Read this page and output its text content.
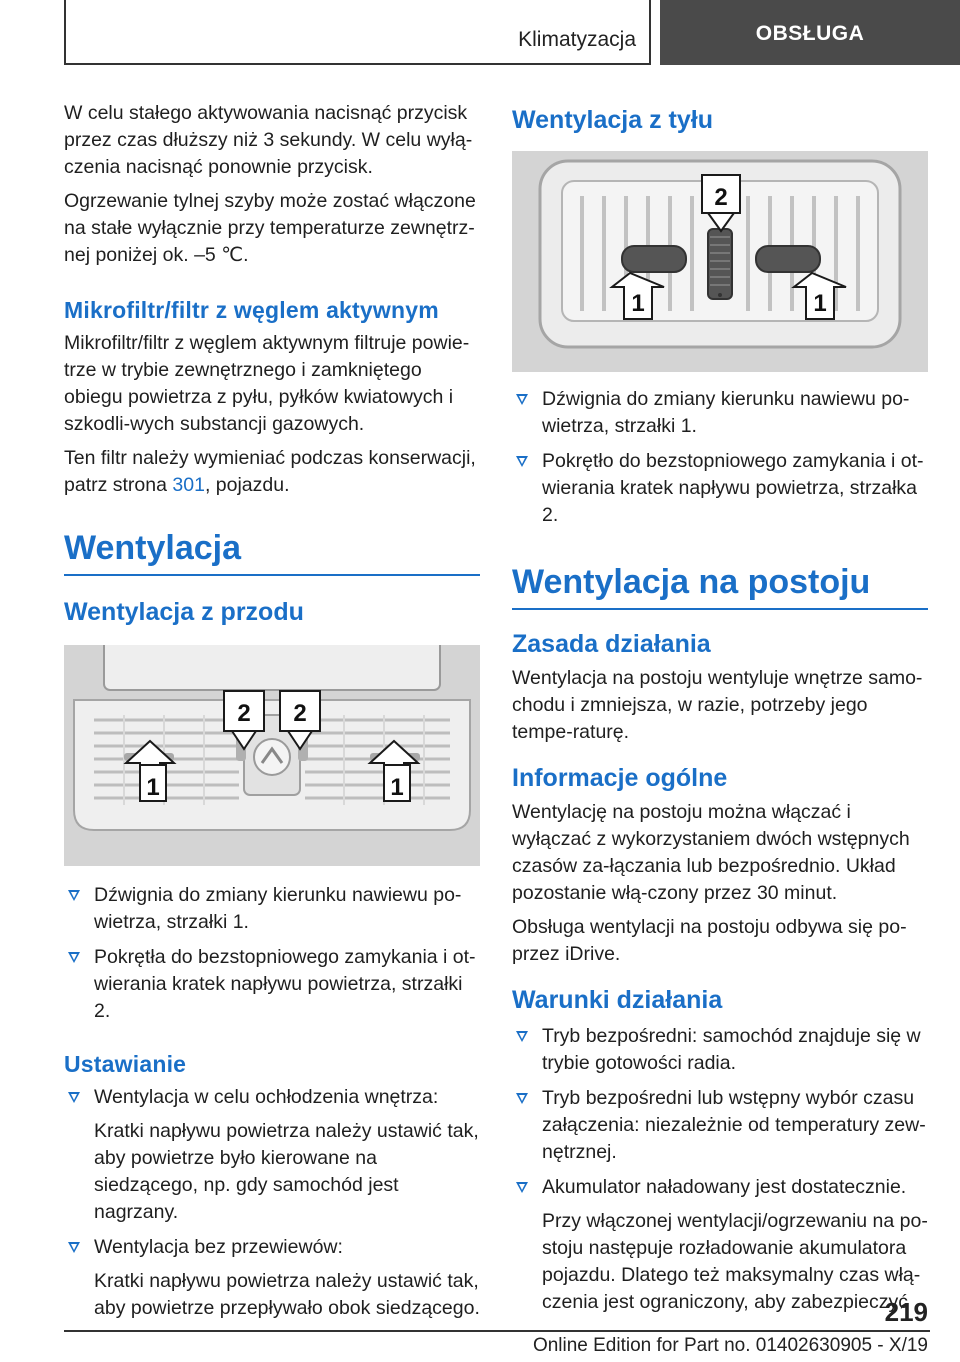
Klimatyzacja	OBSŁUGA

W celu stałego aktywowania nacisnąć przycisk przez czas dłuższy niż 3 sekundy. W celu wyłą‐czenia nacisnąć ponownie przycisk.

Ogrzewanie tylnej szyby może zostać włączone na stałe wyłącznie przy temperaturze zewnętrz‐nej poniżej ok. ‒5 ℃.

Mikrofiltr/filtr z węglem aktywnym

Mikrofiltr/filtr z węglem aktywnym filtruje powie‐trze w trybie zewnętrznego i zamkniętego obiegu powietrza z pyłu, pyłków kwiatowych i szkodli‐wych substancji gazowych.

Ten filtr należy wymieniać podczas konserwacji, patrz strona 301, pojazdu.

Wentylacja
Wentylacja z przodu
1	1
2 2
Dźwignia do zmiany kierunku nawiewu po‐wietrza, strzałki 1.
Pokrętła do bezstopniowego zamykania i ot‐wierania kratek napływu powietrza, strzałki 2.
Ustawianie
Wentylacja w celu ochłodzenia wnętrza:
Kratki napływu powietrza należy ustawić tak, aby powietrze było kierowane na siedzącego, np. gdy samochód jest nagrzany.
Wentylacja bez przewiewów:
Kratki napływu powietrza należy ustawić tak, aby powietrze przepływało obok siedzącego.
Wentylacja z tyłu
2
1	1
Dźwignia do zmiany kierunku nawiewu po‐wietrza, strzałki 1.
Pokrętło do bezstopniowego zamykania i ot‐wierania kratek napływu powietrza, strzałka 2.
Wentylacja na postoju
Zasada działania

Wentylacja na postoju wentyluje wnętrze samo‐chodu i zmniejsza, w razie, potrzeby jego tempe‐raturę.

Informacje ogólne

Wentylację na postoju można włączać i wyłączać z wykorzystaniem dwóch wstępnych czasów za‐łączania lub bezpośrednio. Układ pozostanie włą‐czony przez 30 minut.

Obsługa wentylacji na postoju odbywa się po‐przez iDrive.

Warunki działania
Tryb bezpośredni: samochód znajduje się w trybie gotowości radia.
Tryb bezpośredni lub wstępny wybór czasu załączenia: niezależnie od temperatury zew‐nętrznej.
Akumulator naładowany jest dostatecznie.
Przy włączonej wentylacji/ogrzewaniu na po‐stoju następuje rozładowanie akumulatora pojazdu. Dlatego też maksymalny czas włą‐czenia jest ograniczony, aby zabezpieczyć
219
Online Edition for Part no. 01402630905 - X/19
